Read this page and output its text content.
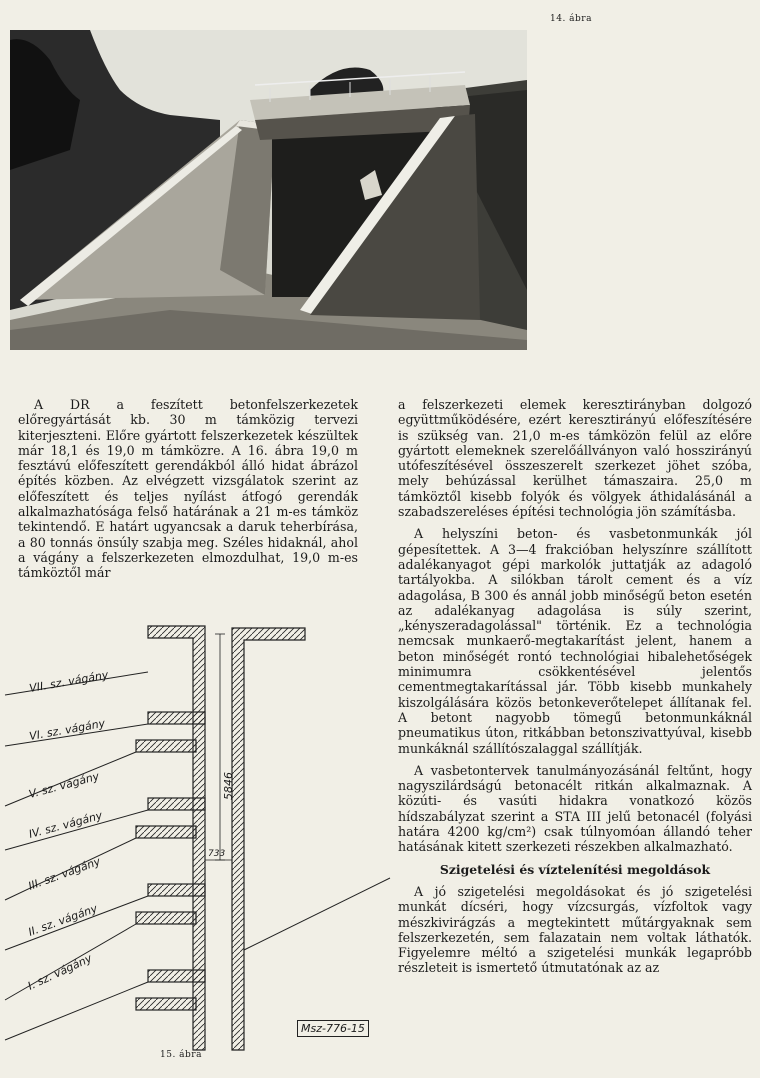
14. ábra

A DR a feszített betonfelszerkezetek előregyártását kb. 30 m támközig tervezi kiterjeszteni. Előre gyártott felszerkezetek készültek már 18,1 és 19,0 m támközre. A 16. ábra 19,0 m fesztávú előfeszített gerendákból álló hidat ábrázol építés közben. Az elvégzett vizsgálatok szerint az előfeszített és teljes nyílást átfogó gerendák alkalmazhatósága felső határának a 21 m-es támköz tekintendő. E határt ugyancsak a daruk teherbírása, a 80 tonnás önsúly szabja meg. Széles hidaknál, ahol a vágány a felszerkezeten elmozdulhat, 19,0 m-es támköztől már

a felszerkezeti elemek keresztirányban dolgozó együttműködésére, ezért keresztirányú előfeszítésére is szükség van. 21,0 m-es támközön felül az előre gyártott elemeknek szerelőállványon való hosszirányú utófeszítésével összeszerelt szerkezet jöhet szóba, mely behúzással kerülhet támaszaira. 25,0 m támköztől kisebb folyók és völgyek áthidalásánál a szabadszereléses építési technológia jön számításba.

A helyszíni beton- és vasbetonmunkák jól gépesítettek. A 3—4 frakcióban helyszínre szállított adalékanyagot gépi markolók juttatják az adagoló tartályokba. A silókban tárolt cement és a víz adagolása, B 300 és annál jobb minőségű beton esetén az adalékanyag adagolása is súly szerint, „kényszeradagolással" történik. Ez a technológia nemcsak munkaerő-megtakarítást jelent, hanem a beton minőségét rontó technológiai hibalehetőségek minimumra csökkentésével jelentős cementmegtakarítással jár. Több kisebb munkahely kiszolgálására közös betonkeverőtelepet állítanak fel. A betont nagyobb tömegű betonmunkáknál pneumatikus úton, ritkábban betonszivattyúval, kisebb munkáknál szállítószalaggal szállítják.

A vasbetontervek tanulmányozásánál feltűnt, hogy nagyszilárdságú betonacélt ritkán alkalmaznak. A közúti- és vasúti hidakra vonatkozó közös hídszabályzat szerint a STA III jelű betonacél (folyási határa 4200 kg/cm²) csak túlnyomóan állandó teher hatásának kitett szerkezeti részekben alkalmazható.

Szigetelési és víztelenítési megoldások

A jó szigetelési megoldásokat és jó szigetelési munkát dícséri, hogy vízcsurgás, vízfoltok vagy mészkivirágzás a megtekintett műtárgyaknak sem felszerkezetén, sem falazatain nem voltak láthatók. Figyelemre méltó a szigetelési munkák legapróbb részleteit is ismertető útmutatónak az az

5846
733
VII. sz. vágány
VI. sz. vágány
V. sz. vágány
IV. sz. vágány
III. sz. vágány
II. sz. vágány
I. sz. vágány
Msz-776-15
15. ábra
